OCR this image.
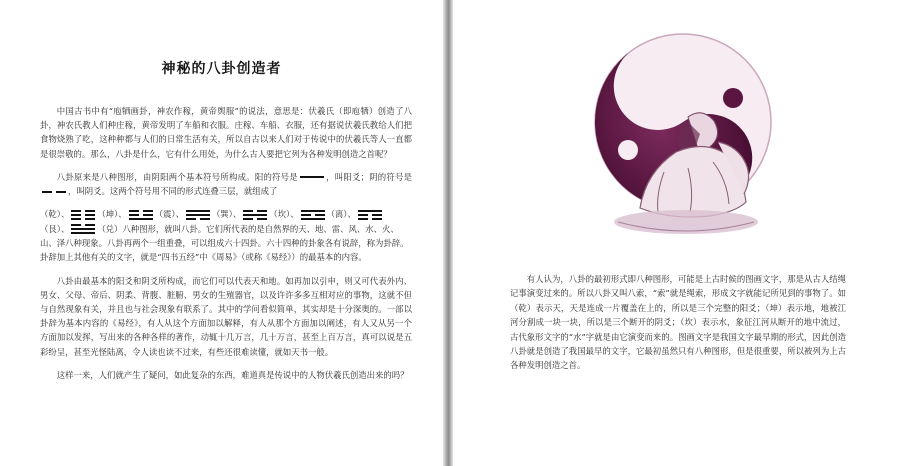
神秘的八卦创造者

中国古书中有“庖牺画卦，神农作稼，黄帝舆服”的说法，意思是：伏羲氏（即庖牺）创造了八卦，神农氏教人们种庄稼，黄帝发明了车船和衣服。庄稼、车船、衣服，还有据说伏羲氏教给人们把食物烧熟了吃，这种种都与人们的日常生活有关，所以自古以来人们对于传说中的伏羲氏等人一直都是很崇敬的。那么，八卦是什么，它有什么用处，为什么古人要把它列为各种发明创造之首呢？

八卦原来是八种图形，由阴阳两个基本符号所构成。阳的符号是	，叫阳爻；阴的符号是，叫阴爻。这两个符号用不同的形式连叠三层，就组成了

（乾）、	（坤）、	（震）、	（巽）、	（坎）、	（离）、
（艮）、	（兑）八种图形，就叫八卦。它们所代表的是自然界的天、地、雷、风、水、火、山、泽八种现象。八卦再两个一组重叠，可以组成六十四卦。六十四种的卦象各有说辞，称为卦辞。卦辞加上其他有关的文字，就是“四书五经”中《周易》（或称《易经》）的最基本的内容。

八卦由最基本的阳爻和阴爻所构成，而它们可以代表天和地。如再加以引申，则又可代表外内、男女、父母、帝后、阴柔、背腹、脏腑、男女的生殖器官，以及许许多多互相对应的事物，这就不但与自然现象有关，并且也与社会现象有联系了。其中的学问看似简单，其实却是十分深奥的。一部以卦辞为基本内容的《易经》，有人从这个方面加以解释，有人从那个方面加以阐述，有人又从另一个方面加以发挥，写出来的各种各样的著作，动辄十几万言，几十万言，甚至上百万言，真可以说是五彩纷呈，甚至光怪陆离，令人读也读不过来，有些还很难读懂，就如天书一般。

这样一来，人们就产生了疑问，如此复杂的东西，难道真是传说中的人物伏羲氏创造出来的吗？

有人认为，八卦的最初形式即八种图形，可能是上古时候的图画文字，那是从古人结绳记事演变过来的。所以八卦又叫八索，“索”就是绳索，形成文字就能记所见到的事物了。如（乾）表示天，天是连成一片覆盖在上的，所以是三个完整的阳爻；（坤）表示地，地被江河分割成一块一块，所以是三个断开的阴爻；（坎）表示水，象征江河从断开的地中流过，古代象形文字的“水”字就是由它演变而来的。图画文字是我国文字最早期的形式，因此创造八卦就是创造了我国最早的文字，它最初虽然只有八种图形，但是很重要，所以被列为上古各种发明创造之首。
